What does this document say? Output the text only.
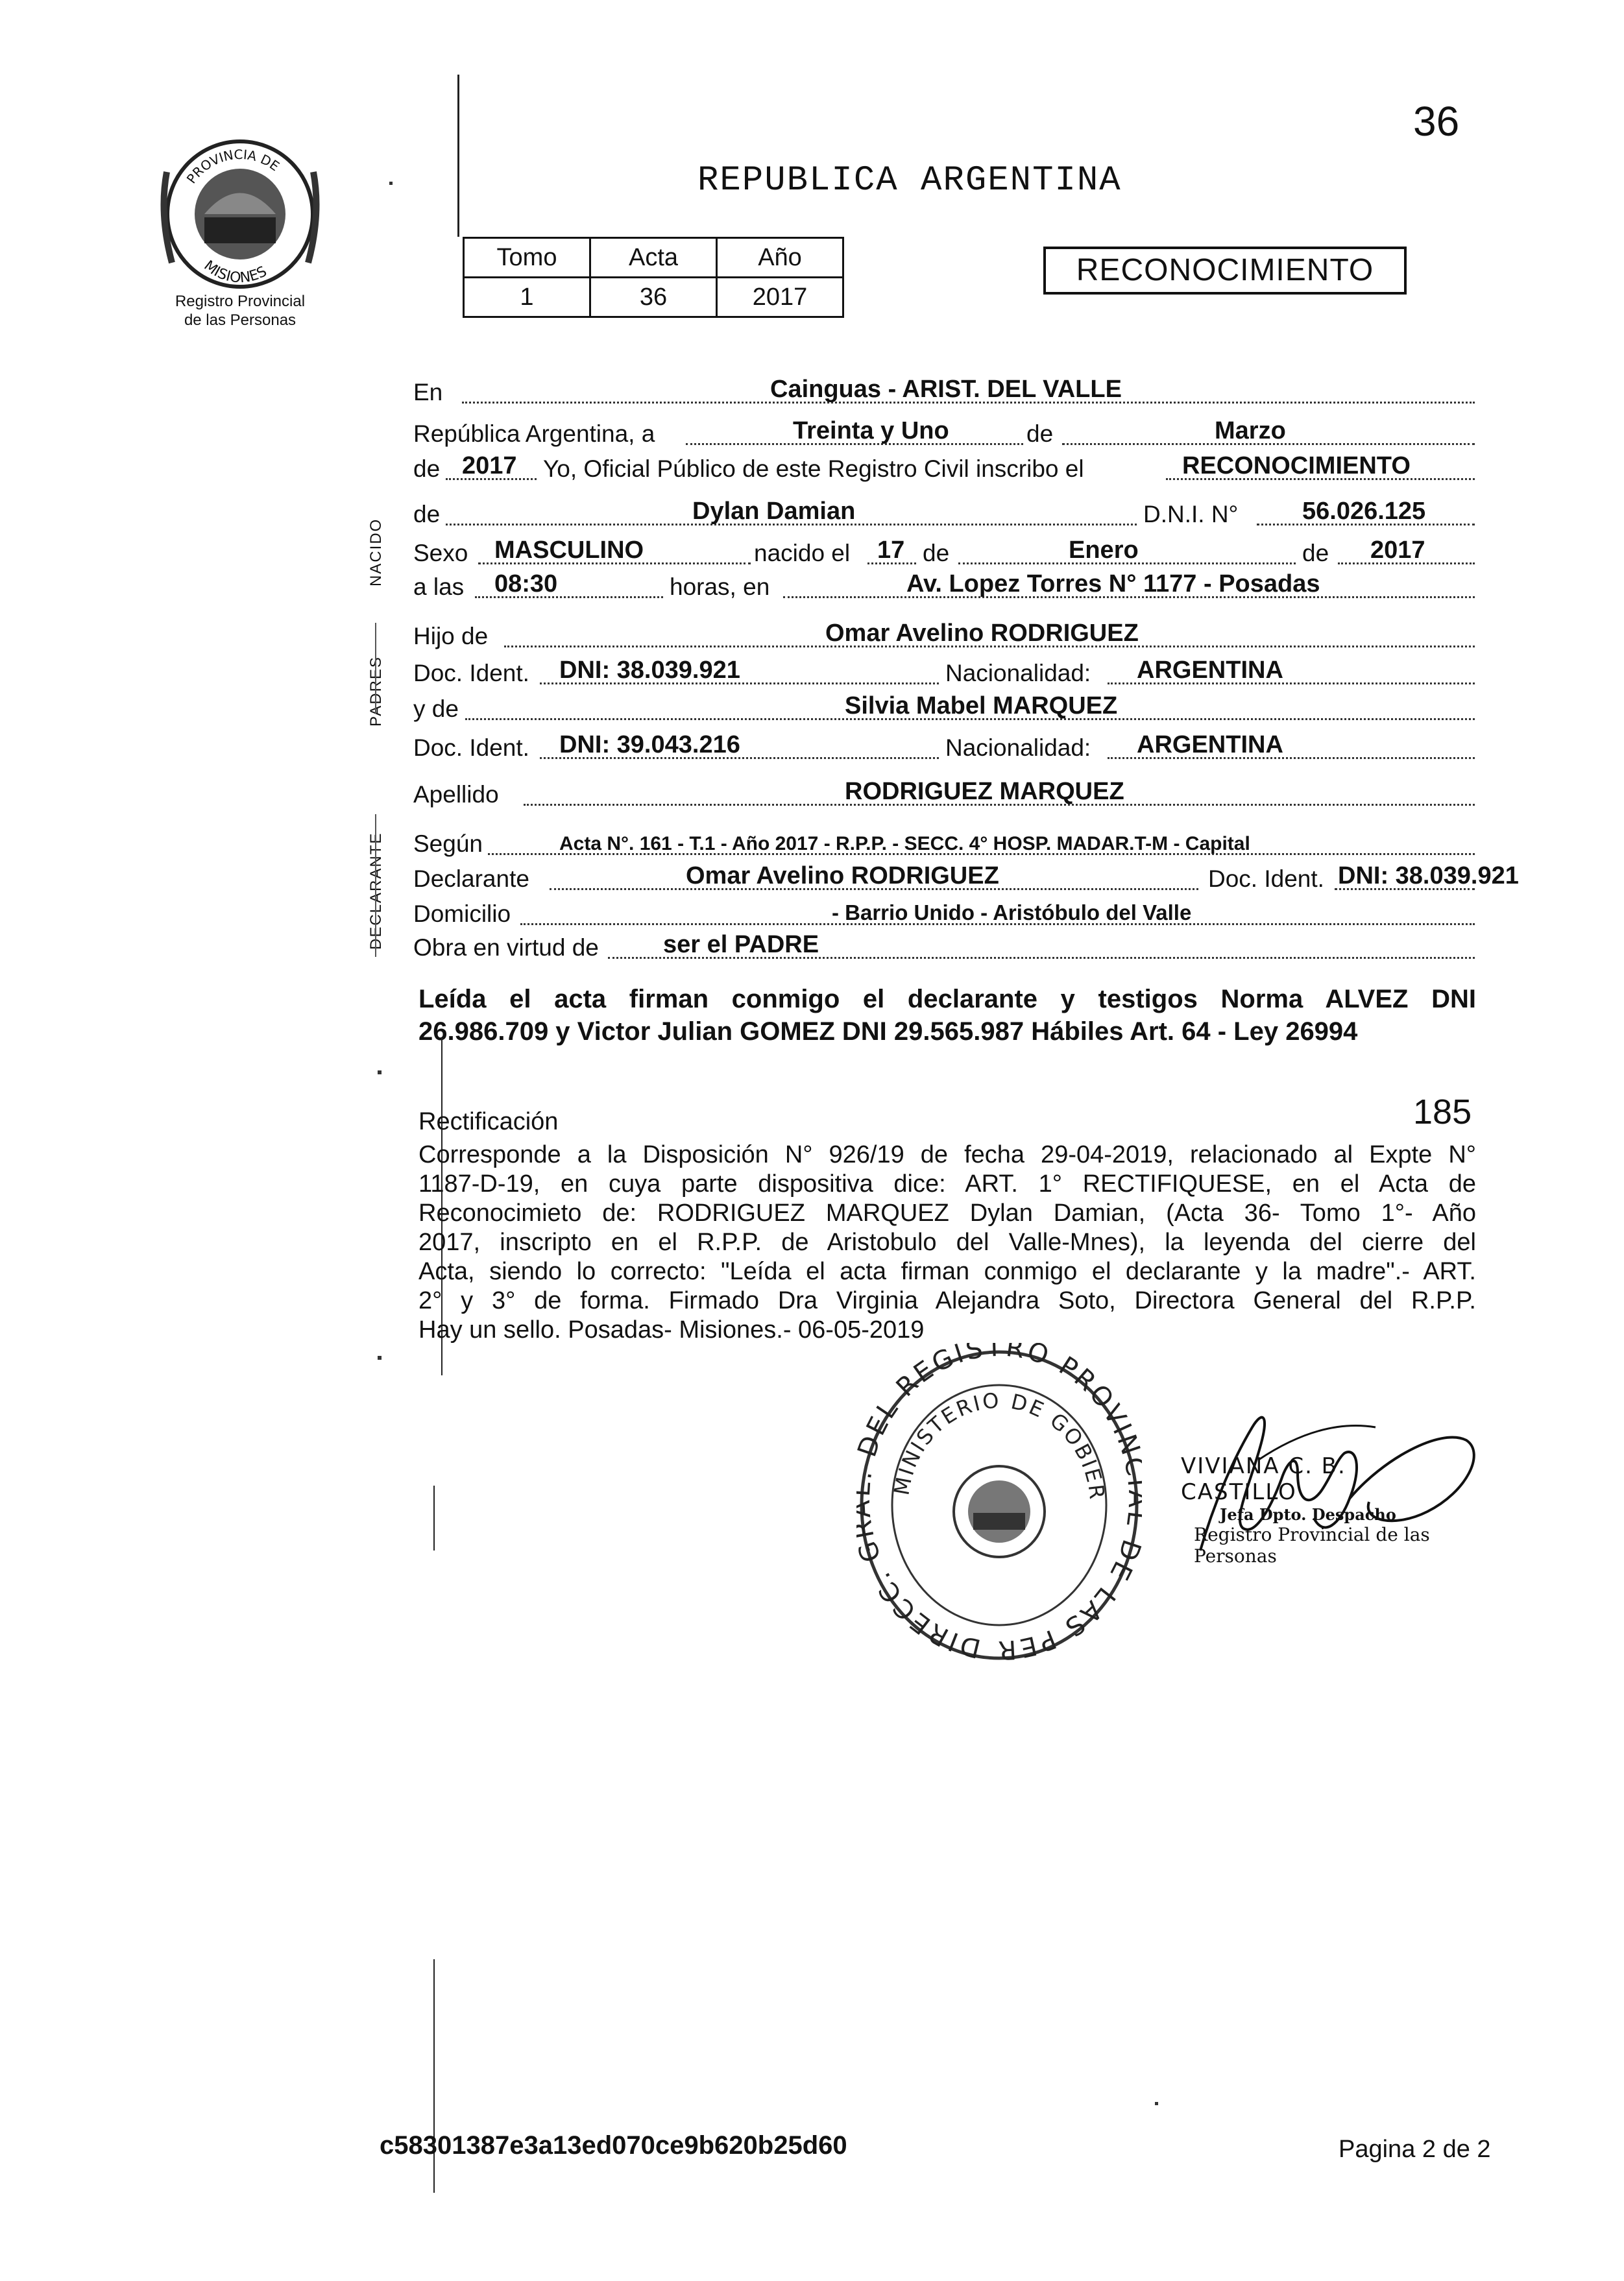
36
PROVINCIA DE
MISIONES
Registro Provincial
de las Personas
REPUBLICA ARGENTINA
Tomo	Acta	Año
1	36	2017
RECONOCIMIENTO
NACIDO
PADRES
DECLARANTE
En	Cainguas - ARIST. DEL VALLE
República Argentina, a	Treinta y Uno	de	Marzo
de 2017 Yo, Oficial Público de este Registro Civil inscribo el	RECONOCIMIENTO
de	Dylan Damian	D.N.I. N°	56.026.125
Sexo MASCULINO	nacido el 17 de	Enero	de 2017
a las 08:30	horas, en	Av. Lopez Torres N° 1177 - Posadas
Hijo de	Omar Avelino RODRIGUEZ
Doc. Ident. DNI: 38.039.921	Nacionalidad: ARGENTINA
y de	Silvia Mabel MARQUEZ
Doc. Ident. DNI: 39.043.216	Nacionalidad: ARGENTINA
Apellido	RODRIGUEZ MARQUEZ
Según	Acta N°. 161 - T.1 - Año 2017 - R.P.P. - SECC. 4° HOSP. MADAR.T-M - Capital
Declarante	Omar Avelino RODRIGUEZ	Doc. Ident. DNI: 38.039.921
Domicilio	- Barrio Unido - Aristóbulo del Valle
Obra en virtud de	ser el PADRE
Leída el acta firman conmigo el declarante y testigos Norma ALVEZ DNI
26.986.709 y Victor Julian GOMEZ DNI 29.565.987 Hábiles Art. 64 - Ley 26994
Rectificación	185
Corresponde a la Disposición N° 926/19 de fecha 29-04-2019, relacionado al Expte N°
1187-D-19, en cuya parte dispositiva dice: ART. 1° RECTIFIQUESE, en el Acta de
Reconocimieto de: RODRIGUEZ MARQUEZ Dylan Damian, (Acta 36- Tomo 1°- Año
2017, inscripto en el R.P.P. de Aristobulo del Valle-Mnes), la leyenda del cierre del
Acta, siendo lo correcto: "Leída el acta firman conmigo el declarante y la madre".- ART.
2° y 3° de forma. Firmado Dra Virginia Alejandra Soto, Directora General del R.P.P.
Hay un sello. Posadas- Misiones.- 06-05-2019
DIRECC. EL REGISTRO PROVI E LAS PER
MINISTERIO DE GOBIER
VIVIANA C. B. CASTILLO
Jefa Dpto. Despacho
Registro Provincial de las Personas
c58301387e3a13ed070ce9b620b25d60	Pagina 2 de 2
